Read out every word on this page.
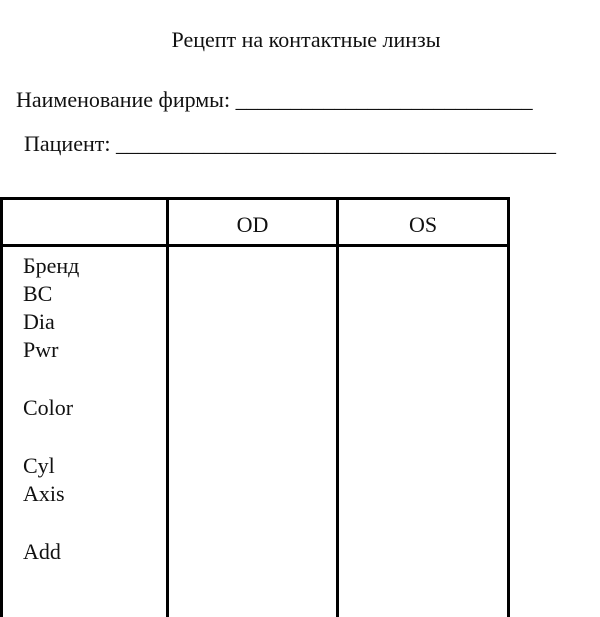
Рецепт на контактные линзы
Наименование фирмы: ___________________________
Пациент: ________________________________________
OD	OS
Бренд
BC
Dia
Pwr
Color
Cyl
Axis
Add
